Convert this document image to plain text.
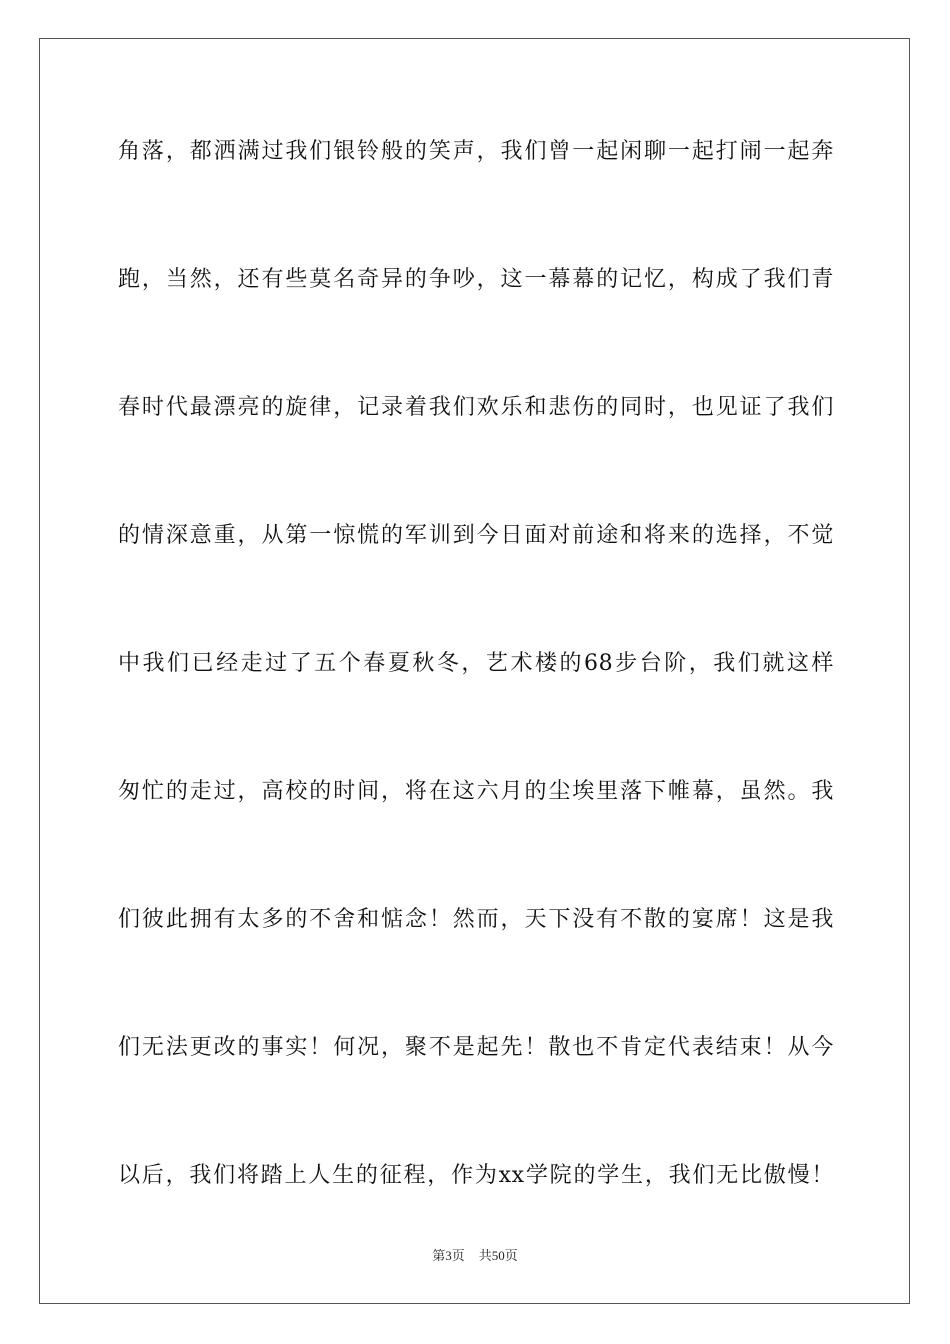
角落，都洒满过我们银铃般的笑声，我们曾一起闲聊一起打闹一起奔
跑，当然，还有些莫名奇异的争吵，这一幕幕的记忆，构成了我们青
春时代最漂亮的旋律，记录着我们欢乐和悲伤的同时，也见证了我们
的情深意重，从第一惊慌的军训到今日面对前途和将来的选择，不觉
中我们已经走过了五个春夏秋冬，艺术楼的68步台阶，我们就这样
匆忙的走过，高校的时间，将在这六月的尘埃里落下帷幕，虽然。我
们彼此拥有太多的不舍和惦念！然而，天下没有不散的宴席！这是我
们无法更改的事实！何况，聚不是起先！散也不肯定代表结束！从今
以后，我们将踏上人生的征程，作为xx学院的学生，我们无比傲慢！
第3页 共50页
